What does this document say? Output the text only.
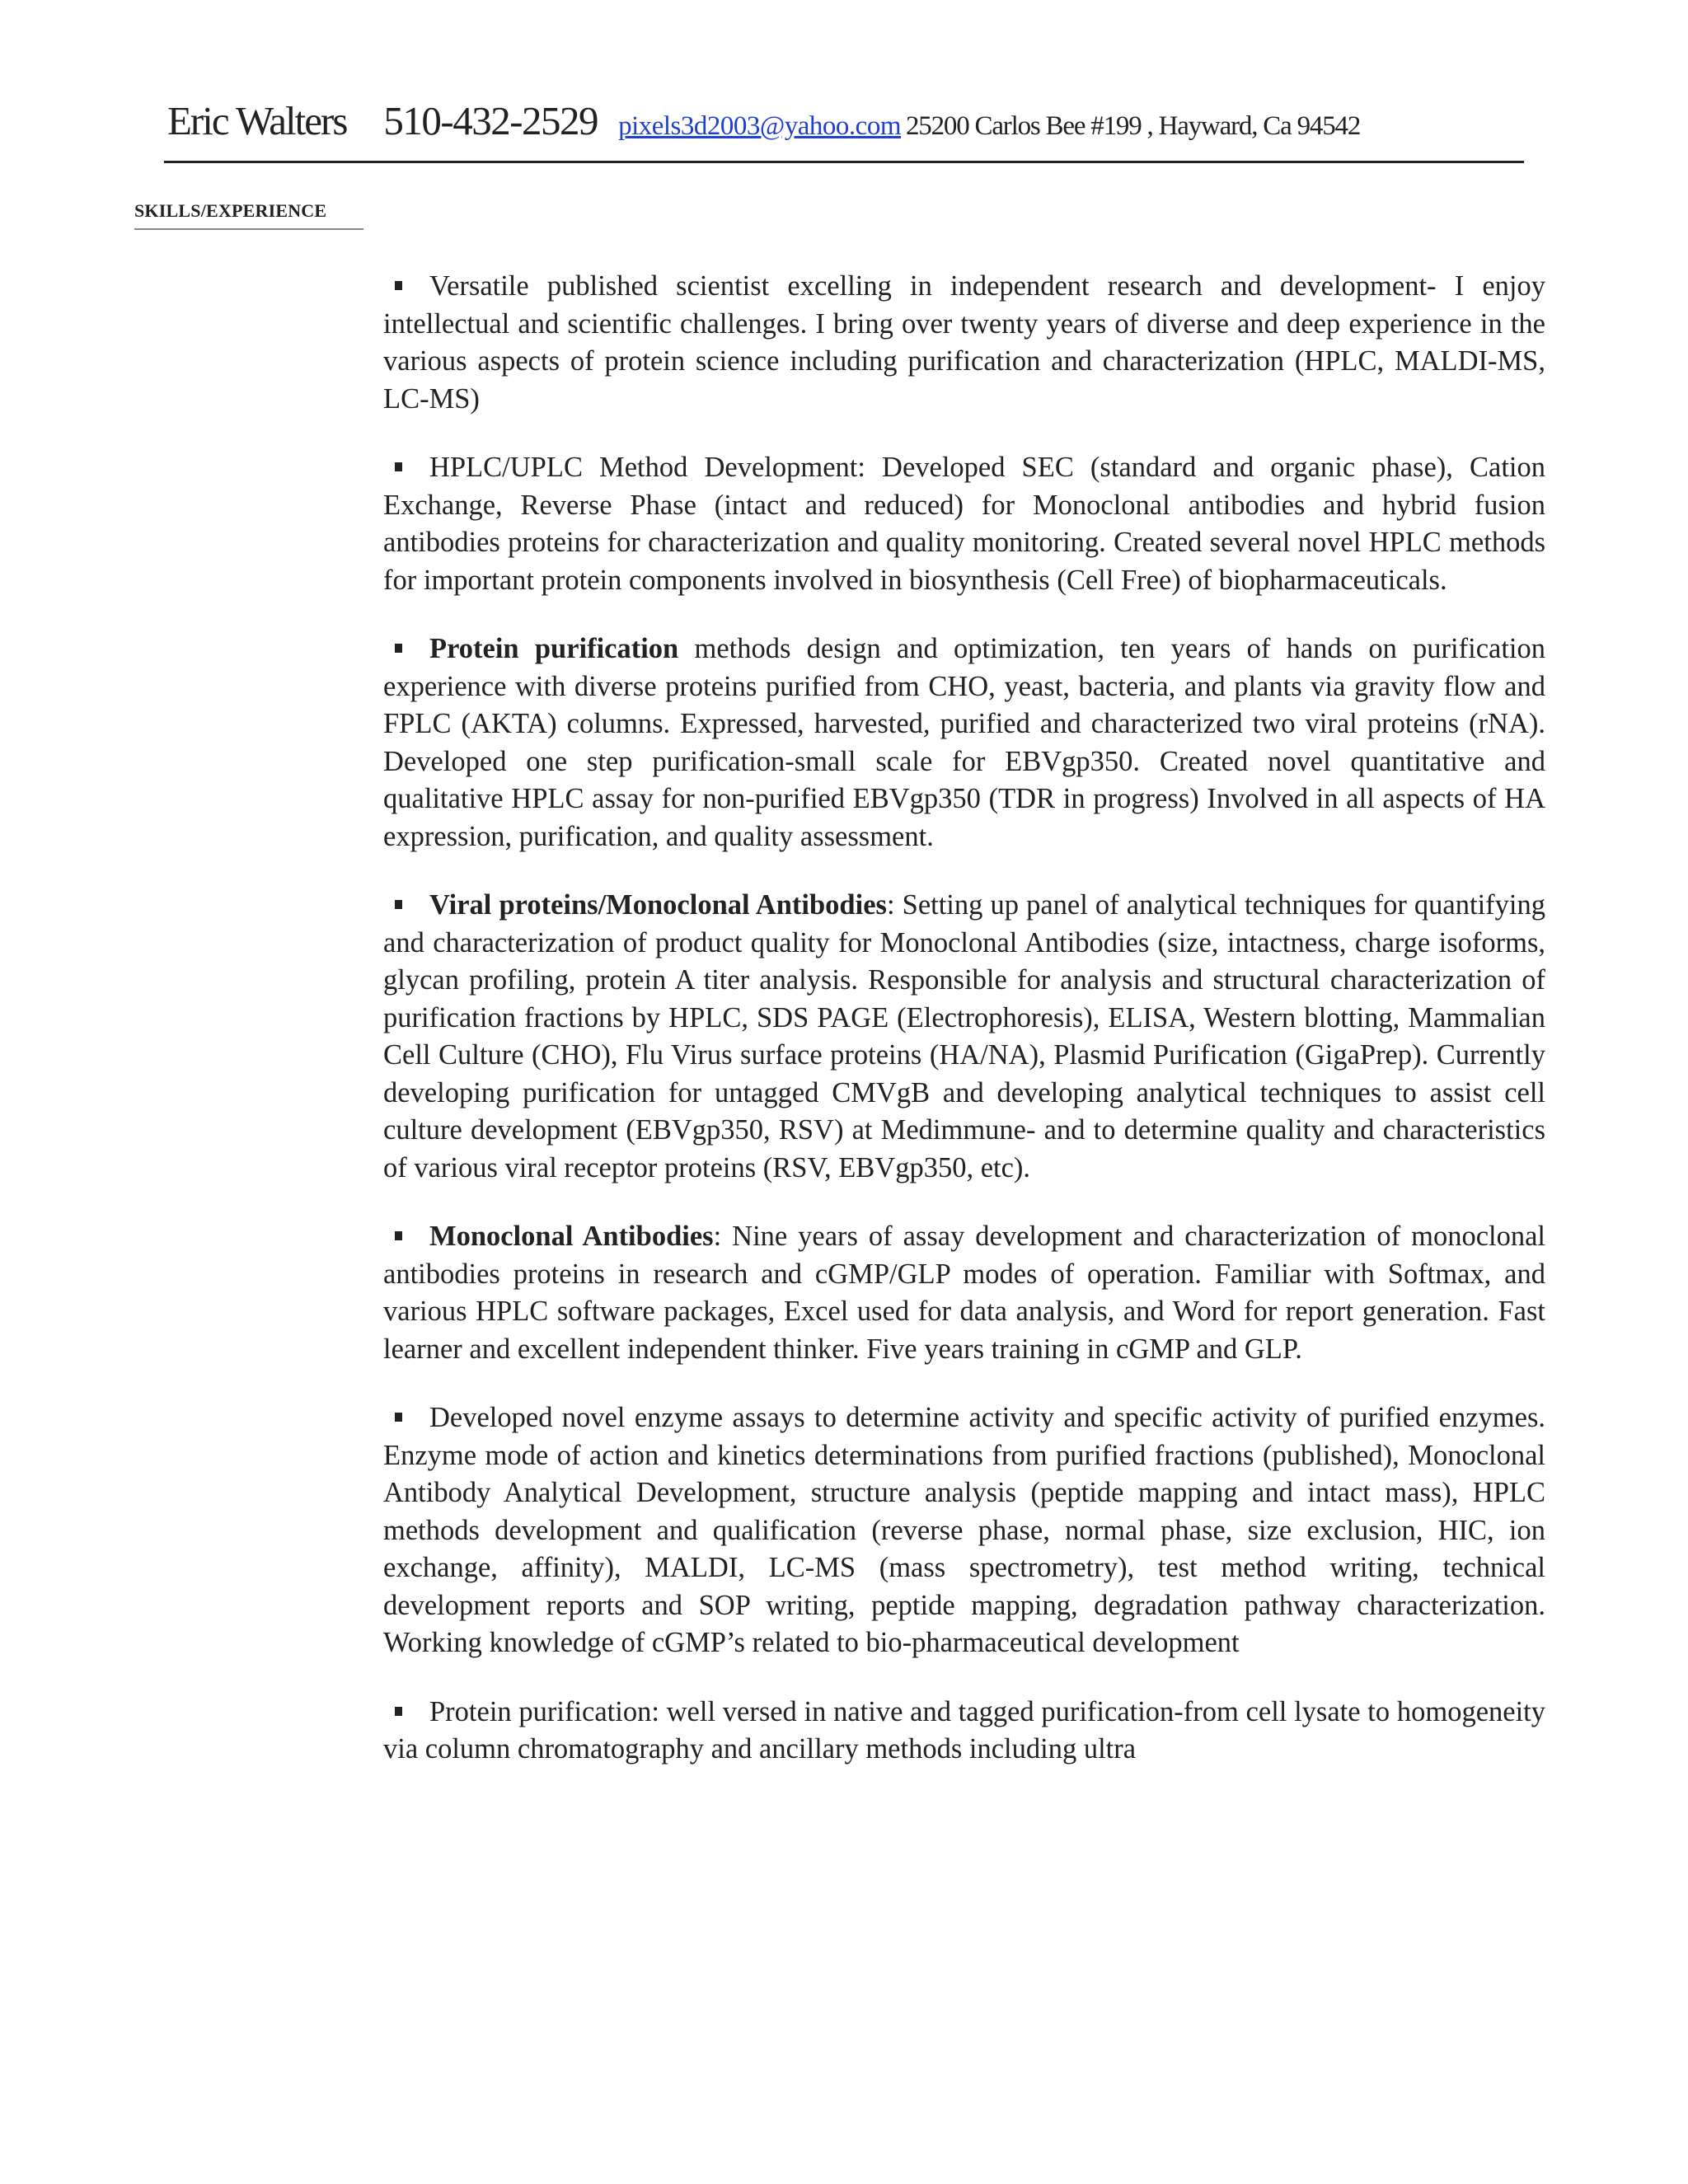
Eric Walters 510-432-2529 pixels3d2003@yahoo.com 25200 Carlos Bee #199 , Hayward, Ca 94542
SKILLS/EXPERIENCE

Versatile published scientist excelling in independent research and development- I enjoy intellectual and scientific challenges. I bring over twenty years of diverse and deep experience in the various aspects of protein science including purification and characterization (HPLC, MALDI-MS, LC-MS)

HPLC/UPLC Method Development: Developed SEC (standard and organic phase), Cation Exchange, Reverse Phase (intact and reduced) for Monoclonal antibodies and hybrid fusion antibodies proteins for characterization and quality monitoring. Created several novel HPLC methods for important protein components involved in biosynthesis (Cell Free) of biopharmaceuticals.

Protein purification methods design and optimization, ten years of hands on purification experience with diverse proteins purified from CHO, yeast, bacteria, and plants via gravity flow and FPLC (AKTA) columns. Expressed, harvested, purified and characterized two viral proteins (rNA). Developed one step purification-small scale for EBVgp350. Created novel quantitative and qualitative HPLC assay for non-purified EBVgp350 (TDR in progress) Involved in all aspects of HA expression, purification, and quality assessment.

Viral proteins/Monoclonal Antibodies: Setting up panel of analytical techniques for quantifying and characterization of product quality for Monoclonal Antibodies (size, intactness, charge isoforms, glycan profiling, protein A titer analysis. Responsible for analysis and structural characterization of purification fractions by HPLC, SDS PAGE (Electrophoresis), ELISA, Western blotting, Mammalian Cell Culture (CHO), Flu Virus surface proteins (HA/NA), Plasmid Purification (GigaPrep). Currently developing purification for untagged CMVgB and developing analytical techniques to assist cell culture development (EBVgp350, RSV) at Medimmune- and to determine quality and characteristics of various viral receptor proteins (RSV, EBVgp350, etc).

Monoclonal Antibodies: Nine years of assay development and characterization of monoclonal antibodies proteins in research and cGMP/GLP modes of operation. Familiar with Softmax, and various HPLC software packages, Excel used for data analysis, and Word for report generation. Fast learner and excellent independent thinker. Five years training in cGMP and GLP.

Developed novel enzyme assays to determine activity and specific activity of purified enzymes. Enzyme mode of action and kinetics determinations from purified fractions (published), Monoclonal Antibody Analytical Development, structure analysis (peptide mapping and intact mass), HPLC methods development and qualification (reverse phase, normal phase, size exclusion, HIC, ion exchange, affinity), MALDI, LC-MS (mass spectrometry), test method writing, technical development reports and SOP writing, peptide mapping, degradation pathway characterization. Working knowledge of cGMP’s related to bio-pharmaceutical development

Protein purification: well versed in native and tagged purification-from cell lysate to homogeneity via column chromatography and ancillary methods including ultra
